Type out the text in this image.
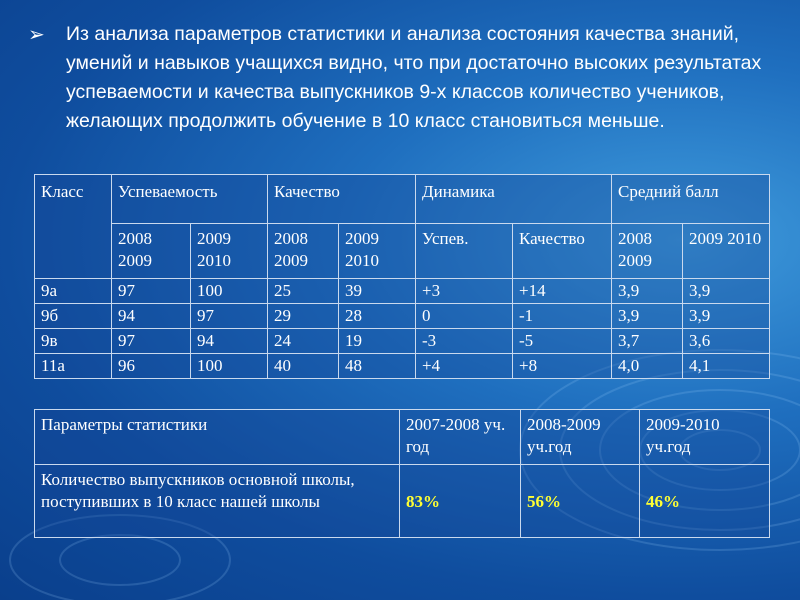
➢	Из анализа параметров статистики и анализа состояния качества знаний, умений и навыков учащихся видно, что при достаточно высоких результатах успеваемости и качества выпускников 9-х классов количество учеников, желающих продолжить обучение в 10 класс становиться меньше.
Класс	Успеваемость		Качество		Динамика		Средний балл	
	2008 2009	2009 2010	2008 2009	2009 2010	Успев.	Качество	2008 2009	2009 2010
9а	97	100	25	39	+3	+14	3,9	3,9
9б	94	97	29	28	0	-1	3,9	3,9
9в	97	94	24	19	-3	-5	3,7	3,6
11а	96	100	40	48	+4	+8	4,0	4,1
Параметры статистики	2007-2008 уч. год	2008-2009 уч.год	2009-2010 уч.год
Количество выпускников основной школы, поступивших в 10 класс нашей школы	83%	56%	46%
